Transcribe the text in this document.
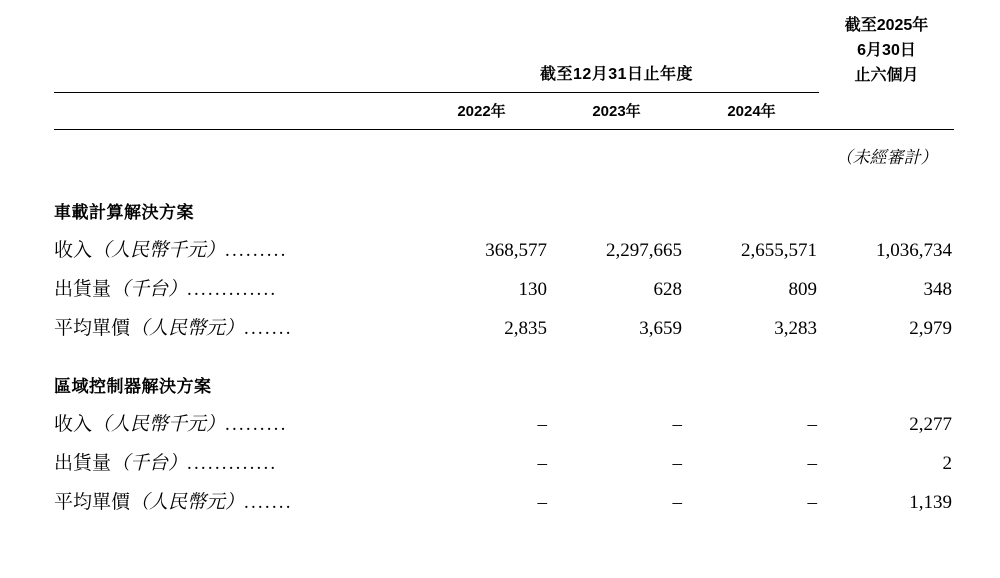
	截至12月31日止年度			截至2025年
6月30日
止六個月

	2022年	2023年	2024年	

				（未經審計）
車載計算解決方案				
收入（人民幣千元）.........	368,577	2,297,665	2,655,571	1,036,734
出貨量（千台）.............	130	628	809	348
平均單價（人民幣元）.......	2,835	3,659	3,283	2,979
區域控制器解決方案				
收入（人民幣千元）.........	–	–	–	2,277
出貨量（千台）.............	–	–	–	2
平均單價（人民幣元）.......	–	–	–	1,139
